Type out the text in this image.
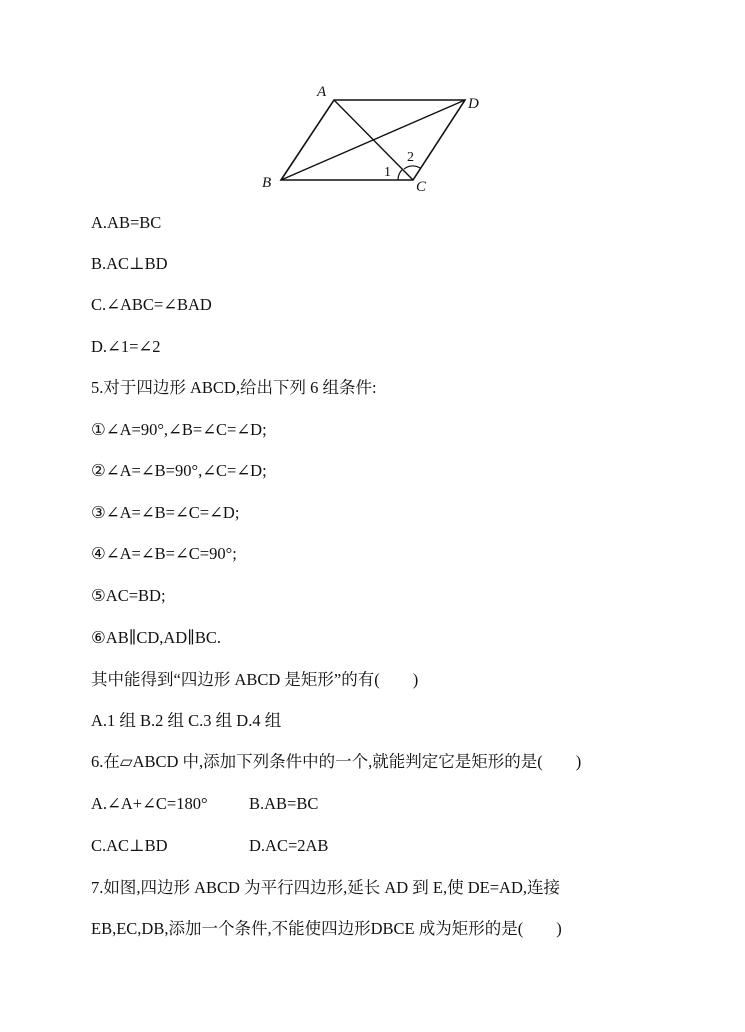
A
D
B	C
1
2
A.AB=BC
B.AC⊥BD
C.∠ABC=∠BAD
D.∠1=∠2
5.对于四边形 ABCD,给出下列 6 组条件:
①∠A=90°,∠B=∠C=∠D;
②∠A=∠B=90°,∠C=∠D;
③∠A=∠B=∠C=∠D;
④∠A=∠B=∠C=90°;
⑤AC=BD;
⑥AB∥CD,AD∥BC.
其中能得到“四边形 ABCD 是矩形”的有(　　)
A.1 组 B.2 组 C.3 组 D.4 组
6.在▱ABCD 中,添加下列条件中的一个,就能判定它是矩形的是(　　)
A.∠A+∠C=180°	B.AB=BC
C.AC⊥BD	D.AC=2AB
7.如图,四边形 ABCD 为平行四边形,延长 AD 到 E,使 DE=AD,连接
EB,EC,DB,添加一个条件,不能使四边形DBCE 成为矩形的是(　　)
